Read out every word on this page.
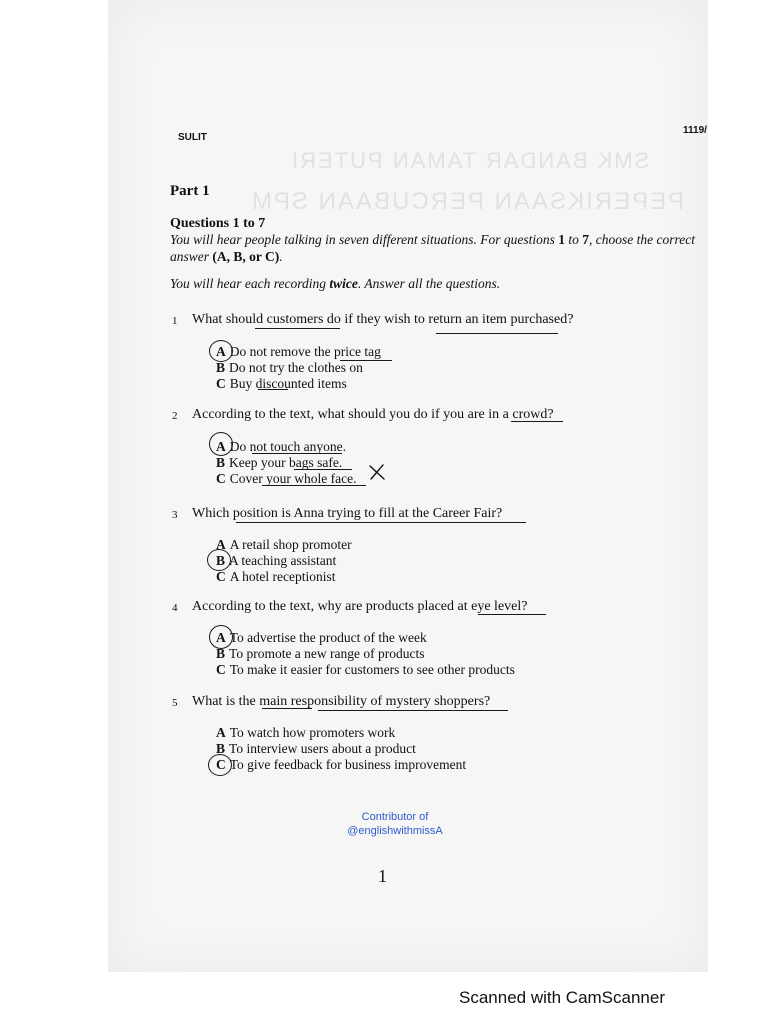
SMK BANDAR TAMAN PUTERI
PEPERIKSAAN PERCUBAAN SPM
SULIT
1119/
Part 1
Questions 1 to 7
You will hear people talking in seven different situations. For questions 1 to 7, choose the correct answer (A, B, or C).
You will hear each recording twice. Answer all the questions.
1 What should customers do if they wish to return an item purchased?
A Do not remove the price tag
B Do not try the clothes on
C Buy discounted items
2 According to the text, what should you do if you are in a crowd?
A Do not touch anyone.
B Keep your bags safe.
C Cover your whole face.
3 Which position is Anna trying to fill at the Career Fair?
A A retail shop promoter
B A teaching assistant
C A hotel receptionist
4 According to the text, why are products placed at eye level?
A To advertise the product of the week
B To promote a new range of products
C To make it easier for customers to see other products
5 What is the main responsibility of mystery shoppers?
A To watch how promoters work
B To interview users about a product
C To give feedback for business improvement
Contributor of
@englishwithmissA
1
Scanned with CamScanner
